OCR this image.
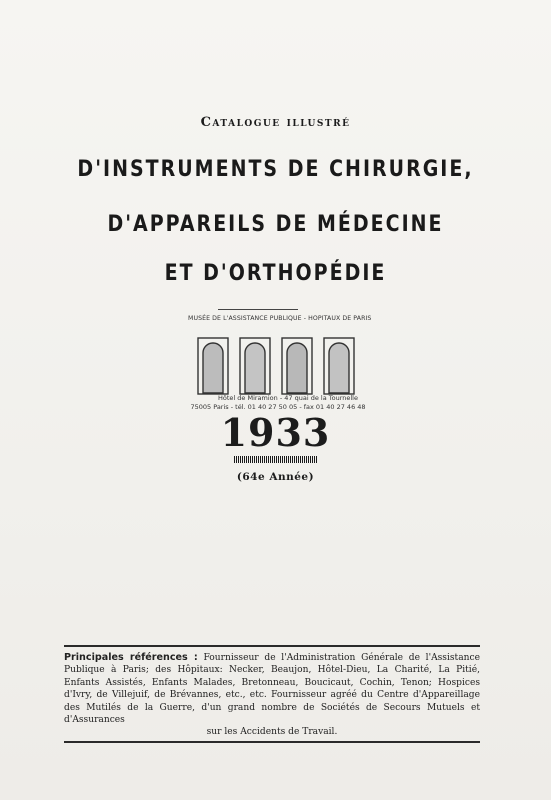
Catalogue illustré
D'INSTRUMENTS DE CHIRURGIE,
D'APPAREILS DE MÉDECINE
ET D'ORTHOPÉDIE
MUSÉE DE L'ASSISTANCE PUBLIQUE - HOPITAUX DE PARIS
Hôtel de Miramion - 47 quai de la Tournelle
75005 Paris - tél. 01 40 27 50 05 - fax 01 40 27 46 48
1933
(64e Année)
Principales références : Fournisseur de l'Administration Générale de l'Assistance Publique à Paris; des Hôpitaux: Necker, Beaujon, Hôtel-Dieu, La Charité, La Pitié, Enfants Assistés, Enfants Malades, Bretonneau, Boucicaut, Cochin, Tenon; Hospices d'Ivry, de Villejuif, de Brévannes, etc., etc. Fournisseur agréé du Centre d'Appareillage des Mutilés de la Guerre, d'un grand nombre de Sociétés de Secours Mutuels et d'Assurances
sur les Accidents de Travail.
